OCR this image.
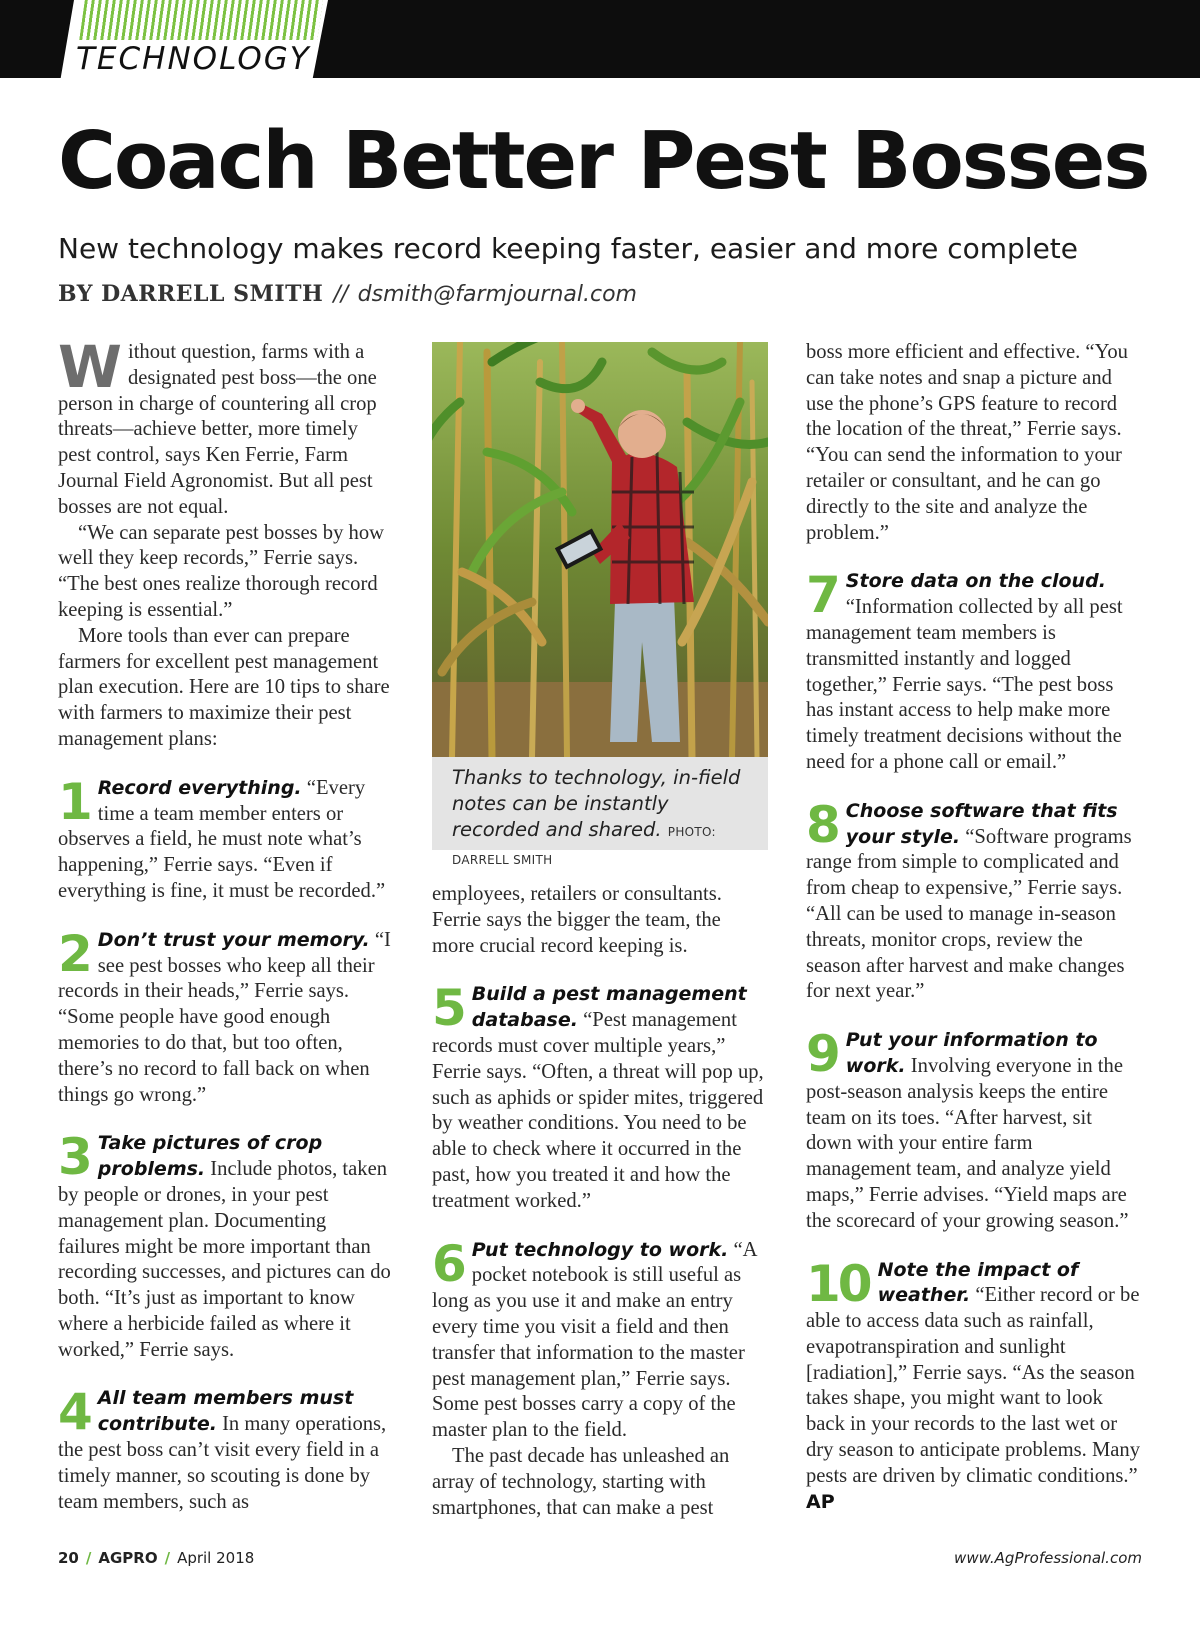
TECHNOLOGY
Coach Better Pest Bosses
New technology makes record keeping faster, easier and more complete
BY DARRELL SMITH // dsmith@farmjournal.com

Without question, farms with a designated pest boss—the one person in charge of countering all crop threats—achieve better, more timely pest control, says Ken Ferrie, Farm Journal Field Agronomist. But all pest bosses are not equal.

“We can separate pest bosses by how well they keep records,” Ferrie says. “The best ones realize thorough record keeping is essential.”

More tools than ever can prepare farmers for excellent pest management plan execution. Here are 10 tips to share with farmers to maximize their pest management plans:

1 Record everything. “Every time a team member enters or observes a field, he must note what’s happening,” Ferrie says. “Even if everything is fine, it must be recorded.”

2 Don’t trust your memory. “I see pest bosses who keep all their records in their heads,” Ferrie says. “Some people have good enough memories to do that, but too often, there’s no record to fall back on when things go wrong.”

3 Take pictures of crop problems. Include photos, taken by people or drones, in your pest management plan. Documenting failures might be more important than recording successes, and pictures can do both. “It’s just as important to know where a herbicide failed as where it worked,” Ferrie says.

4 All team members must contribute. In many operations, the pest boss can’t visit every field in a timely manner, so scouting is done by team members, such as

Thanks to technology, in-field notes can be instantly recorded and shared. PHOTO: DARRELL SMITH

employees, retailers or consultants. Ferrie says the bigger the team, the more crucial record keeping is.

5 Build a pest management database. “Pest management records must cover multiple years,” Ferrie says. “Often, a threat will pop up, such as aphids or spider mites, triggered by weather conditions. You need to be able to check where it occurred in the past, how you treated it and how the treatment worked.”

6 Put technology to work. “A pocket notebook is still useful as long as you use it and make an entry every time you visit a field and then transfer that information to the master pest management plan,” Ferrie says. Some pest bosses carry a copy of the master plan to the field.

The past decade has unleashed an array of technology, starting with smartphones, that can make a pest

boss more efficient and effective. “You can take notes and snap a picture and use the phone’s GPS feature to record the location of the threat,” Ferrie says. “You can send the information to your retailer or consultant, and he can go directly to the site and analyze the problem.”

7 Store data on the cloud. “Information collected by all pest management team members is transmitted instantly and logged together,” Ferrie says. “The pest boss has instant access to help make more timely treatment decisions without the need for a phone call or email.”

8 Choose software that fits your style. “Software programs range from simple to complicated and from cheap to expensive,” Ferrie says. “All can be used to manage in-season threats, monitor crops, review the season after harvest and make changes for next year.”

9 Put your information to work. Involving everyone in the post-season analysis keeps the entire team on its toes. “After harvest, sit down with your entire farm management team, and analyze yield maps,” Ferrie advises. “Yield maps are the scorecard of your growing season.”

10 Note the impact of weather. “Either record or be able to access data such as rainfall, evapotranspiration and sunlight [radiation],” Ferrie says. “As the season takes shape, you might want to look back in your records to the last wet or dry season to anticipate problems. Many pests are driven by climatic conditions.” AP

20 / AGPRO / April 2018	www.AgProfessional.com
